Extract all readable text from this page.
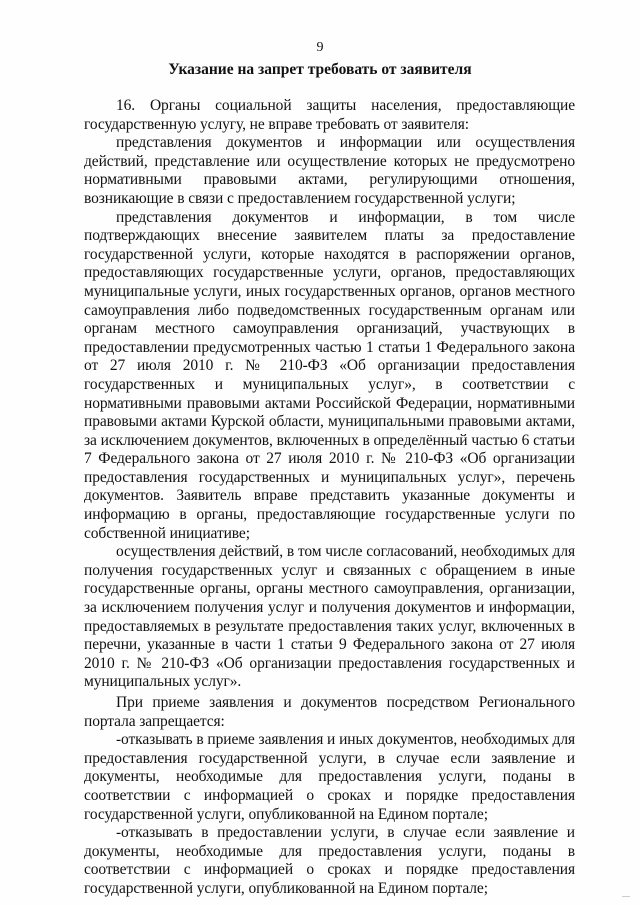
9
Указание на запрет требовать от заявителя

16. Органы социальной защиты населения, предоставляющие государственную услугу, не вправе требовать от заявителя:

представления документов и информации или осуществления действий, представление или осуществление которых не предусмотрено нормативными правовыми актами, регулирующими отношения, возникающие в связи с предоставлением государственной услуги;

представления документов и информации, в том числе подтверждающих внесение заявителем платы за предоставление государственной услуги, которые находятся в распоряжении органов, предоставляющих государственные услуги, органов, предоставляющих муниципальные услуги, иных государственных органов, органов местного самоуправления либо подведомственных государственным органам или органам местного самоуправления организаций, участвующих в предоставлении предусмотренных частью 1 статьи 1 Федерального закона от 27 июля 2010 г. № 210-ФЗ «Об организации предоставления государственных и муниципальных услуг», в соответствии с нормативными правовыми актами Российской Федерации, нормативными правовыми актами Курской области, муниципальными правовыми актами, за исключением документов, включенных в определённый частью 6 статьи 7 Федерального закона от 27 июля 2010 г. № 210-ФЗ «Об организации предоставления государственных и муниципальных услуг», перечень документов. Заявитель вправе представить указанные документы и информацию в органы, предоставляющие государственные услуги по собственной инициативе;

осуществления действий, в том числе согласований, необходимых для получения государственных услуг и связанных с обращением в иные государственные органы, органы местного самоуправления, организации, за исключением получения услуг и получения документов и информации, предоставляемых в результате предоставления таких услуг, включенных в перечни, указанные в части 1 статьи 9 Федерального закона от 27 июля 2010 г. № 210-ФЗ «Об организации предоставления государственных и муниципальных услуг».

При приеме заявления и документов посредством Регионального портала запрещается:

-отказывать в приеме заявления и иных документов, необходимых для предоставления государственной услуги, в случае если заявление и документы, необходимые для предоставления услуги, поданы в соответствии с информацией о сроках и порядке предоставления государственной услуги, опубликованной на Едином портале;

-отказывать в предоставлении услуги, в случае если заявление и документы, необходимые для предоставления услуги, поданы в соответствии с информацией о сроках и порядке предоставления государственной услуги, опубликованной на Едином портале;
